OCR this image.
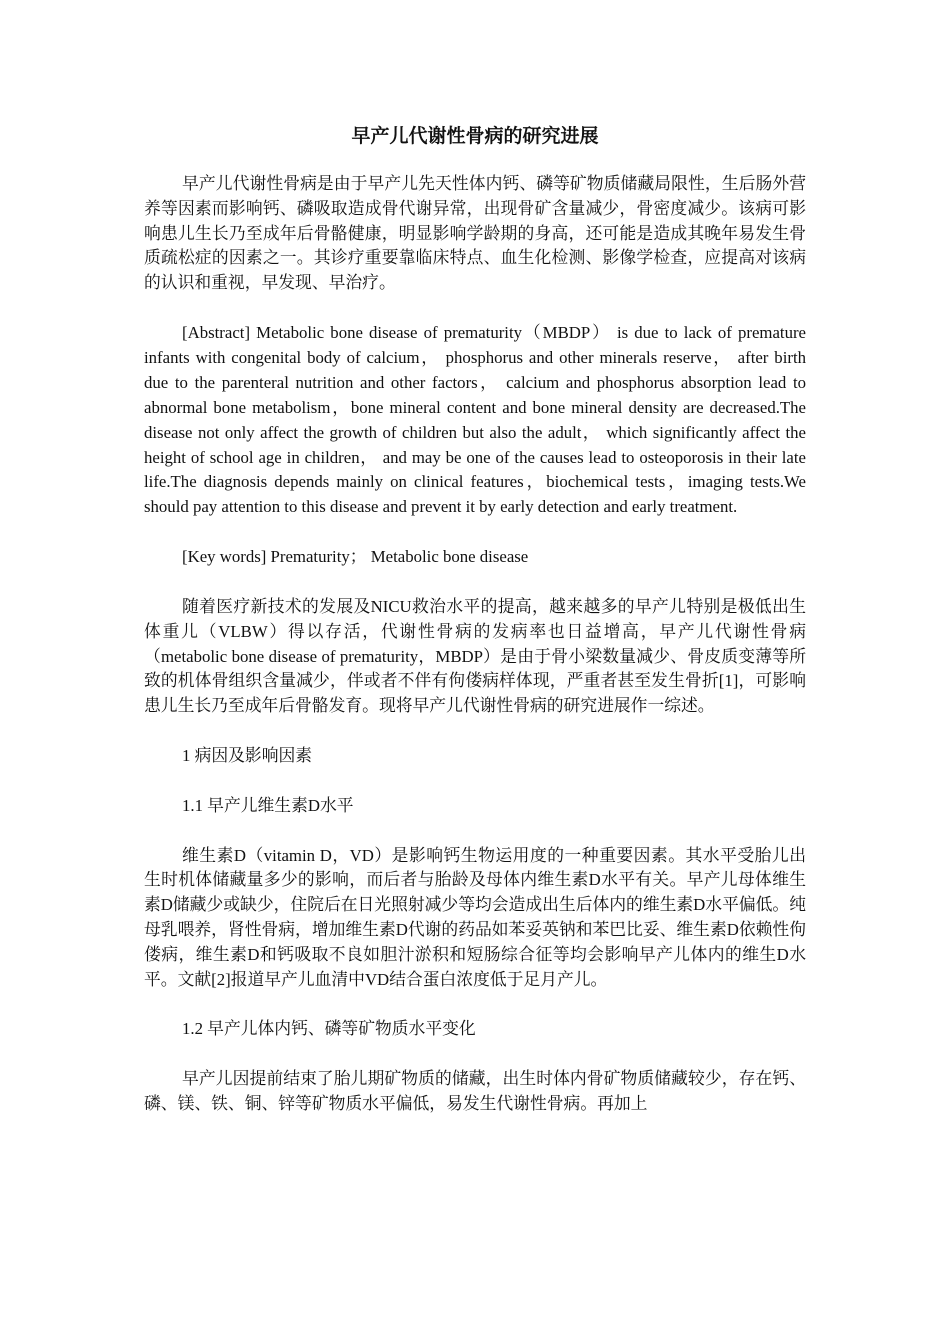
早产儿代谢性骨病的研究进展

早产儿代谢性骨病是由于早产儿先天性体内钙、磷等矿物质储藏局限性，生后肠外营养等因素而影响钙、磷吸取造成骨代谢异常，出现骨矿含量减少，骨密度减少。该病可影响患儿生长乃至成年后骨骼健康，明显影响学龄期的身高，还可能是造成其晚年易发生骨质疏松症的因素之一。其诊疗重要靠临床特点、血生化检测、影像学检查，应提高对该病的认识和重视，早发现、早治疗。

[Abstract] Metabolic bone disease of prematurity（MBDP） is due to lack of premature infants with congenital body of calcium， phosphorus and other minerals reserve， after birth due to the parenteral nutrition and other factors， calcium and phosphorus absorption lead to abnormal bone metabolism，bone mineral content and bone mineral density are decreased.The disease not only affect the growth of children but also the adult， which significantly affect the height of school age in children， and may be one of the causes lead to osteoporosis in their late life.The diagnosis depends mainly on clinical features，biochemical tests，imaging tests.We should pay attention to this disease and prevent it by early detection and early treatment.

[Key words] Prematurity； Metabolic bone disease

随着医疗新技术的发展及NICU救治水平的提高，越来越多的早产儿特别是极低出生体重儿（VLBW）得以存活，代谢性骨病的发病率也日益增高，早产儿代谢性骨病（metabolic bone disease of prematurity，MBDP）是由于骨小梁数量减少、骨皮质变薄等所致的机体骨组织含量减少，伴或者不伴有佝偻病样体现，严重者甚至发生骨折[1]，可影响患儿生长乃至成年后骨骼发育。现将早产儿代谢性骨病的研究进展作一综述。

1 病因及影响因素

1.1 早产儿维生素D水平

维生素D（vitamin D，VD）是影响钙生物运用度的一种重要因素。其水平受胎儿出生时机体储藏量多少的影响，而后者与胎龄及母体内维生素D水平有关。早产儿母体维生素D储藏少或缺少，住院后在日光照射减少等均会造成出生后体内的维生素D水平偏低。纯母乳喂养，肾性骨病，增加维生素D代谢的药品如苯妥英钠和苯巴比妥、维生素D依赖性佝偻病，维生素D和钙吸取不良如胆汁淤积和短肠综合征等均会影响早产儿体内的维生D水平。文献[2]报道早产儿血清中VD结合蛋白浓度低于足月产儿。

1.2 早产儿体内钙、磷等矿物质水平变化

早产儿因提前结束了胎儿期矿物质的储藏，出生时体内骨矿物质储藏较少，存在钙、磷、镁、铁、铜、锌等矿物质水平偏低，易发生代谢性骨病。再加上
